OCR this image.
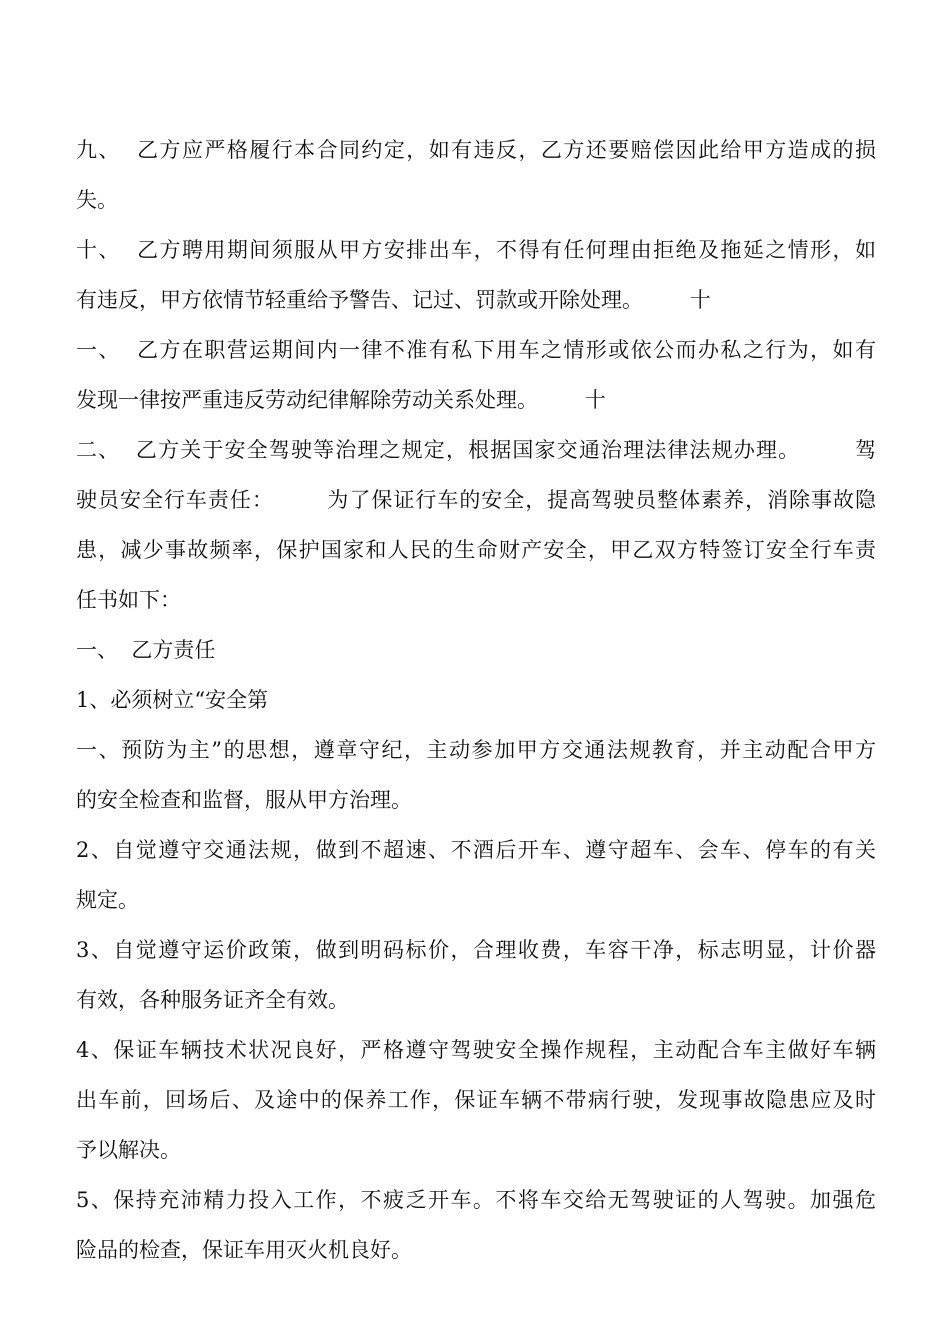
九、  乙方应严格履行本合同约定，如有违反，乙方还要赔偿因此给甲方造成的损
失。
十、  乙方聘用期间须服从甲方安排出车，不得有任何理由拒绝及拖延之情形，如
有违反，甲方依情节轻重给予警告、记过、罚款或开除处理。       十
一、  乙方在职营运期间内一律不准有私下用车之情形或依公而办私之行为，如有
发现一律按严重违反劳动纪律解除劳动关系处理。       十
二、  乙方关于安全驾驶等治理之规定，根据国家交通治理法律法规办理。       驾
驶员安全行车责任：       为了保证行车的安全，提高驾驶员整体素养，消除事故隐
患，减少事故频率，保护国家和人民的生命财产安全，甲乙双方特签订安全行车责
任书如下：
一、  乙方责任
1、必须树立“安全第
一、预防为主”的思想，遵章守纪，主动参加甲方交通法规教育，并主动配合甲方
的安全检查和监督，服从甲方治理。
2、自觉遵守交通法规，做到不超速、不酒后开车、遵守超车、会车、停车的有关
规定。
3、自觉遵守运价政策，做到明码标价，合理收费，车容干净，标志明显，计价器
有效，各种服务证齐全有效。
4、保证车辆技术状况良好，严格遵守驾驶安全操作规程，主动配合车主做好车辆
出车前，回场后、及途中的保养工作，保证车辆不带病行驶，发现事故隐患应及时
予以解决。
5、保持充沛精力投入工作，不疲乏开车。不将车交给无驾驶证的人驾驶。加强危
险品的检查，保证车用灭火机良好。
